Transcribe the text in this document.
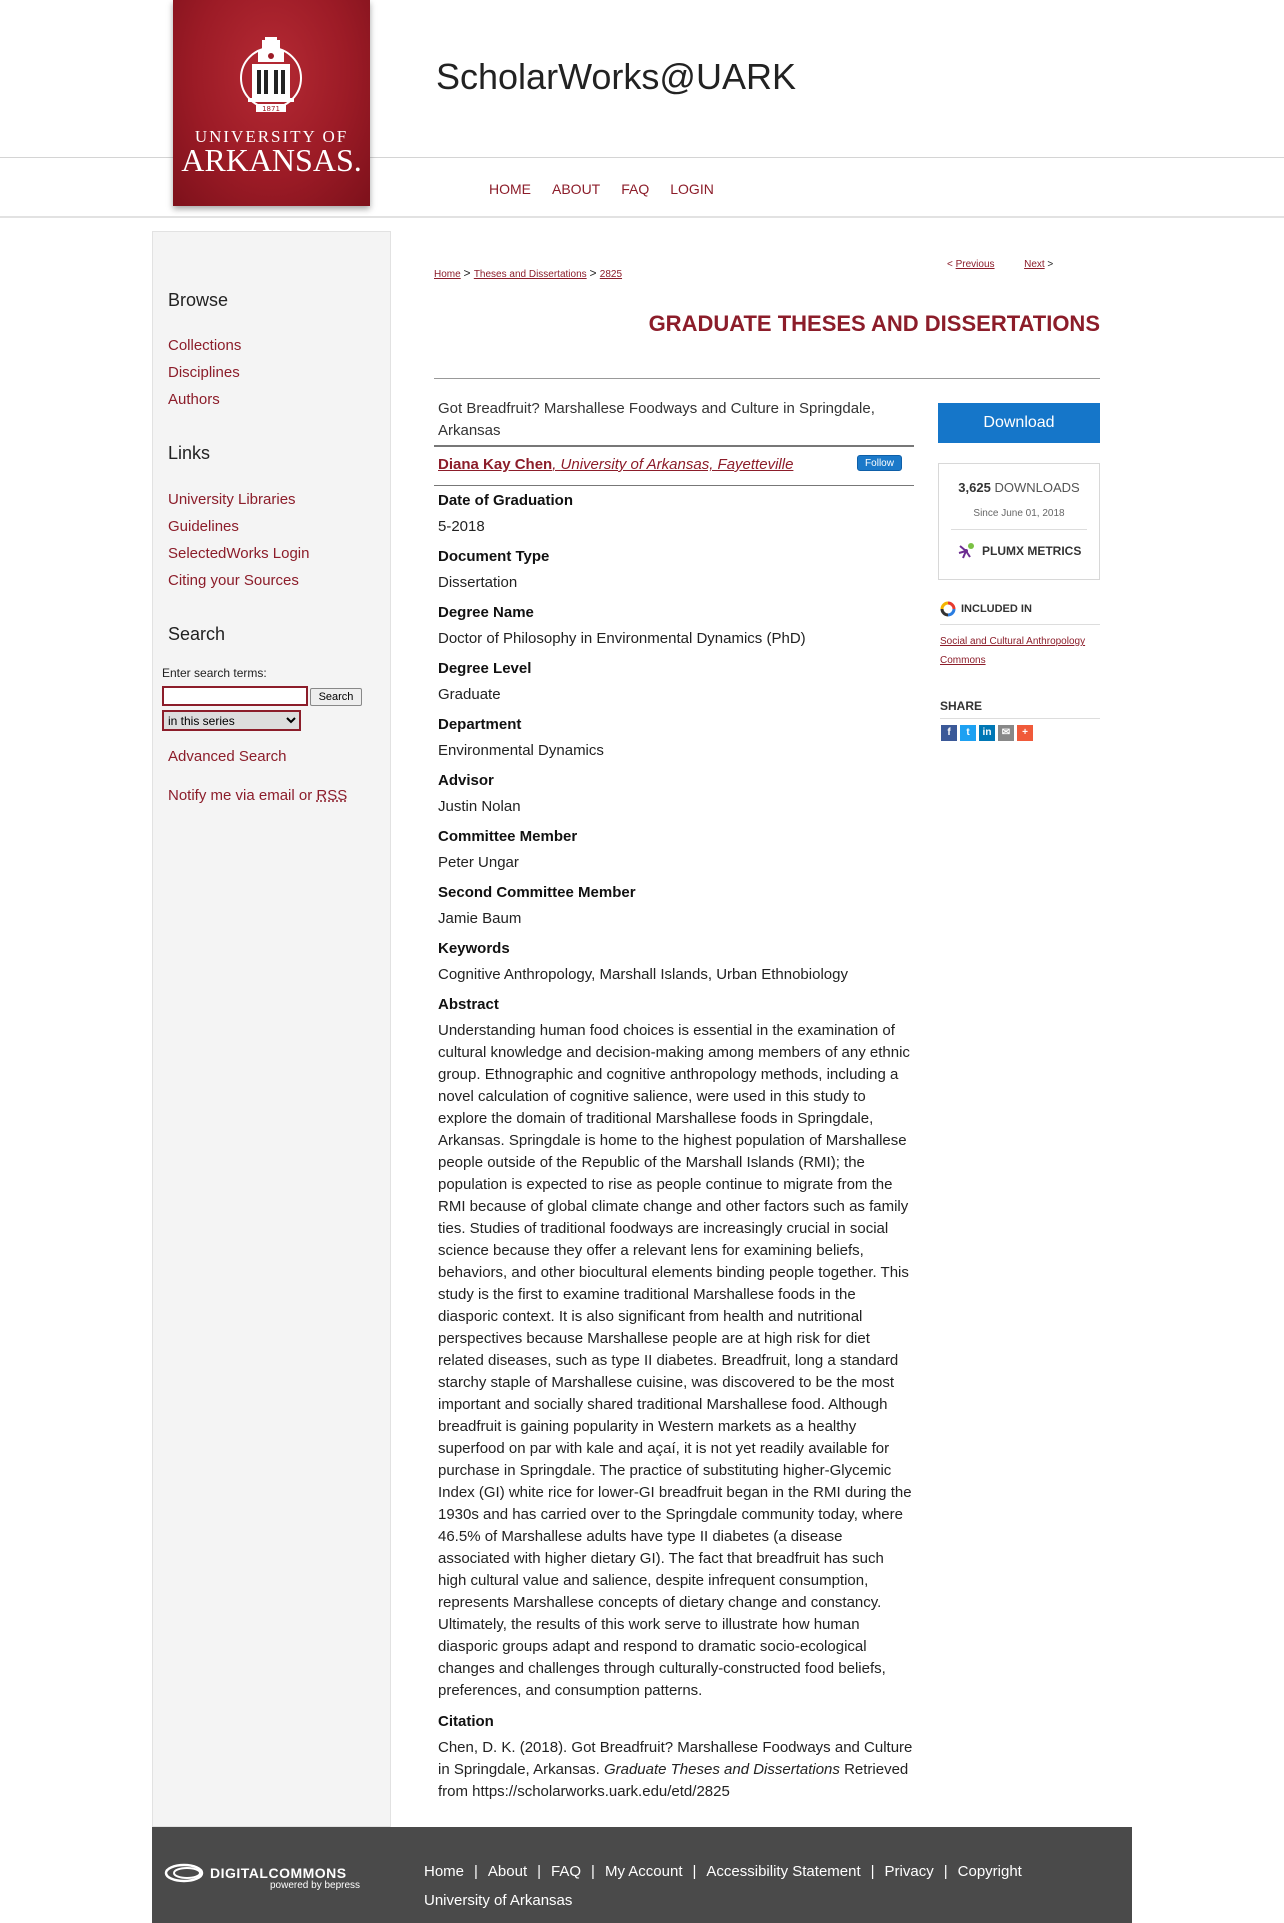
1871
UNIVERSITY OF
ARKANSAS.
ScholarWorks@UARK
HOME ABOUT FAQ LOGIN
Browse
Collections
Disciplines
Authors
Links
University Libraries
Guidelines
SelectedWorks Login
Citing your Sources
Search
Enter search terms:
Search
in this series
Advanced Search
Notify me via email or RSS
Home > Theses and Dissertations > 2825
< Previous	Next >
GRADUATE THESES AND DISSERTATIONS
Got Breadfruit? Marshallese Foodways and Culture in Springdale, Arkansas
Diana Kay Chen, University of Arkansas, Fayetteville	Follow
Date of Graduation
5-2018
Document Type
Dissertation
Degree Name
Doctor of Philosophy in Environmental Dynamics (PhD)
Degree Level
Graduate
Department
Environmental Dynamics
Advisor
Justin Nolan
Committee Member
Peter Ungar
Second Committee Member
Jamie Baum
Keywords
Cognitive Anthropology, Marshall Islands, Urban Ethnobiology
Abstract
Understanding human food choices is essential in the examination of cultural knowledge and decision-making among members of any ethnic group. Ethnographic and cognitive anthropology methods, including a novel calculation of cognitive salience, were used in this study to explore the domain of traditional Marshallese foods in Springdale, Arkansas. Springdale is home to the highest population of Marshallese people outside of the Republic of the Marshall Islands (RMI); the population is expected to rise as people continue to migrate from the RMI because of global climate change and other factors such as family ties. Studies of traditional foodways are increasingly crucial in social science because they offer a relevant lens for examining beliefs, behaviors, and other biocultural elements binding people together. This study is the first to examine traditional Marshallese foods in the diasporic context. It is also significant from health and nutritional perspectives because Marshallese people are at high risk for diet related diseases, such as type II diabetes. Breadfruit, long a standard starchy staple of Marshallese cuisine, was discovered to be the most important and socially shared traditional Marshallese food. Although breadfruit is gaining popularity in Western markets as a healthy superfood on par with kale and açaí, it is not yet readily available for purchase in Springdale. The practice of substituting higher-Glycemic Index (GI) white rice for lower-GI breadfruit began in the RMI during the 1930s and has carried over to the Springdale community today, where 46.5% of Marshallese adults have type II diabetes (a disease associated with higher dietary GI). The fact that breadfruit has such high cultural value and salience, despite infrequent consumption, represents Marshallese concepts of dietary change and constancy. Ultimately, the results of this work serve to illustrate how human diasporic groups adapt and respond to dramatic socio-ecological changes and challenges through culturally-constructed food beliefs, preferences, and consumption patterns.
Citation
Chen, D. K. (2018). Got Breadfruit? Marshallese Foodways and Culture in Springdale, Arkansas. Graduate Theses and Dissertations Retrieved from https://scholarworks.uark.edu/etd/2825
Download
3,625 DOWNLOADS
Since June 01, 2018
PLUMX METRICS
INCLUDED IN
Social and Cultural Anthropology Commons
SHARE
f	t	in	✉	+
DIGITALCOMMONS
powered by bepress
Home | About | FAQ | My Account | Accessibility Statement | Privacy | Copyright
University of Arkansas
